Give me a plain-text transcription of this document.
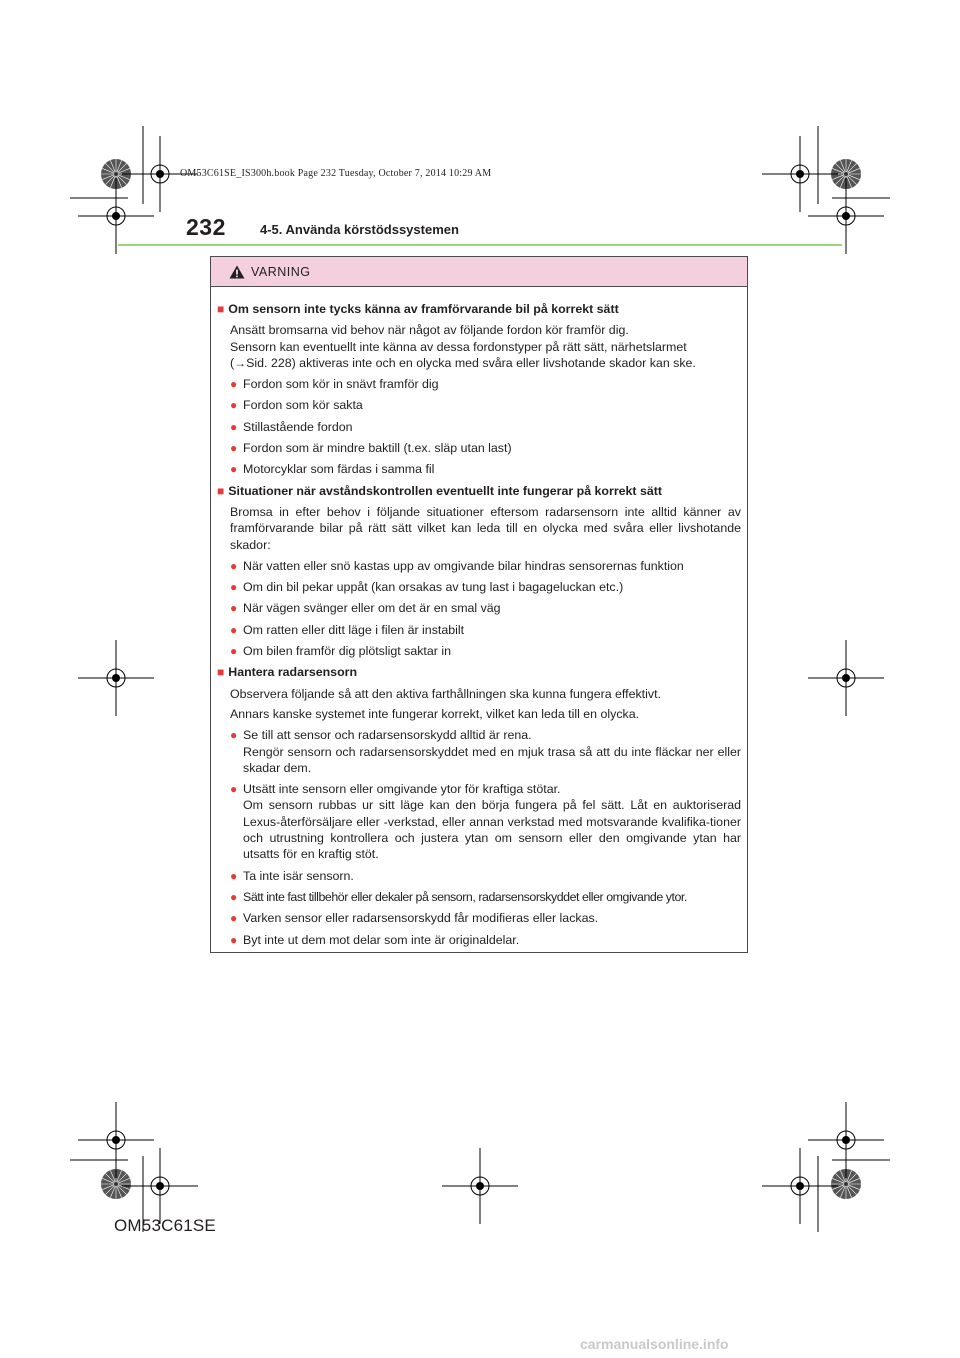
OM53C61SE_IS300h.book Page 232 Tuesday, October 7, 2014 10:29 AM
232	4-5. Använda körstödssystemen
VARNING
■ Om sensorn inte tycks känna av framförvarande bil på korrekt sätt
Ansätt bromsarna vid behov när något av följande fordon kör framför dig.
Sensorn kan eventuellt inte känna av dessa fordonstyper på rätt sätt, närhetslarmet
(→Sid. 228) aktiveras inte och en olycka med svåra eller livshotande skador kan ske.
● Fordon som kör in snävt framför dig
● Fordon som kör sakta
● Stillastående fordon
● Fordon som är mindre baktill (t.ex. släp utan last)
● Motorcyklar som färdas i samma fil
■ Situationer när avståndskontrollen eventuellt inte fungerar på korrekt sätt
Bromsa in efter behov i följande situationer eftersom radarsensorn inte alltid känner av framförvarande bilar på rätt sätt vilket kan leda till en olycka med svåra eller livshotande skador:
● När vatten eller snö kastas upp av omgivande bilar hindras sensorernas funktion
● Om din bil pekar uppåt (kan orsakas av tung last i bagageluckan etc.)
● När vägen svänger eller om det är en smal väg
● Om ratten eller ditt läge i filen är instabilt
● Om bilen framför dig plötsligt saktar in
■ Hantera radarsensorn
Observera följande så att den aktiva farthållningen ska kunna fungera effektivt.
Annars kanske systemet inte fungerar korrekt, vilket kan leda till en olycka.
● Se till att sensor och radarsensorskydd alltid är rena.
Rengör sensorn och radarsensorskyddet med en mjuk trasa så att du inte fläckar ner eller skadar dem.
● Utsätt inte sensorn eller omgivande ytor för kraftiga stötar.
Om sensorn rubbas ur sitt läge kan den börja fungera på fel sätt. Låt en auktoriserad Lexus-återförsäljare eller -verkstad, eller annan verkstad med motsvarande kvalifika-tioner och utrustning kontrollera och justera ytan om sensorn eller den omgivande ytan har utsatts för en kraftig stöt.
● Ta inte isär sensorn.
● Sätt inte fast tillbehör eller dekaler på sensorn, radarsensorskyddet eller omgivande ytor.
● Varken sensor eller radarsensorskydd får modifieras eller lackas.
● Byt inte ut dem mot delar som inte är originaldelar.
OM53C61SE
carmanualsonline.info
